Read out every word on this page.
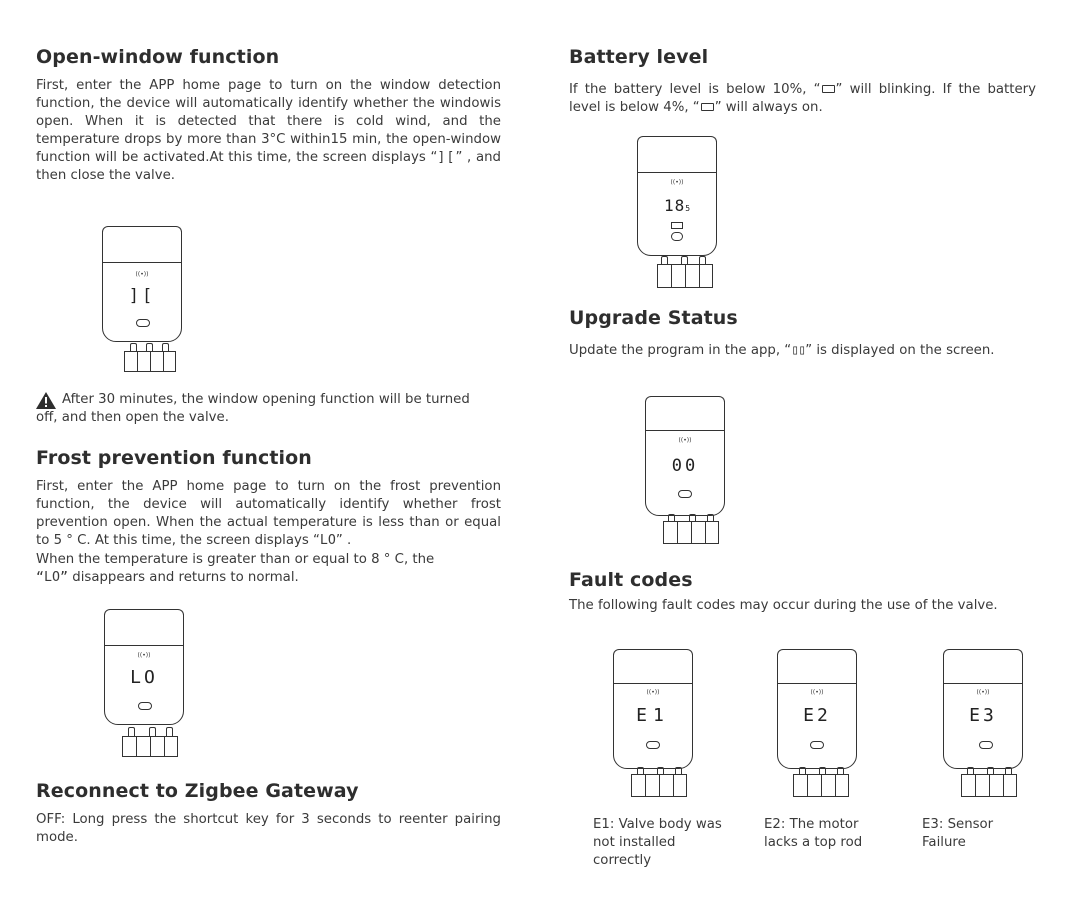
Open-window function

First, enter the APP home page to turn on the window detection function, the device will automatically identify whether the windowis open. When it is detected that there is cold wind, and the temperature drops by more than 3°C within15 min, the open-window function will be activated.At this time, the screen displays “][” , and then close the valve.

((•))
][

After 30 minutes, the window opening function will be turned off, and then open the valve.

Frost prevention function

First, enter the APP home page to turn on the frost prevention function, the device will automatically identify whether frost prevention open. When the actual temperature is less than or equal to 5 ° C. At this time, the screen displays “LO” .

When the temperature is greater than or equal to 8 ° C, the
“LO” disappears and returns to normal.

((•))
LO
Reconnect to Zigbee Gateway

OFF: Long press the shortcut key for 3 seconds to reenter pairing mode.

Battery level

If the battery level is below 10%, “ ” will blinking. If the battery level is below 4%, “ ” will always on.

((•))
185
Upgrade Status

Update the program in the app, “▯▯” is displayed on the screen.

((•))
00
Fault codes

The following fault codes may occur during the use of the valve.

((•))
E1
((•))
E2
((•))
E3

E1: Valve body was not installed correctly

E2: The motor lacks a top rod

E3: Sensor Failure
